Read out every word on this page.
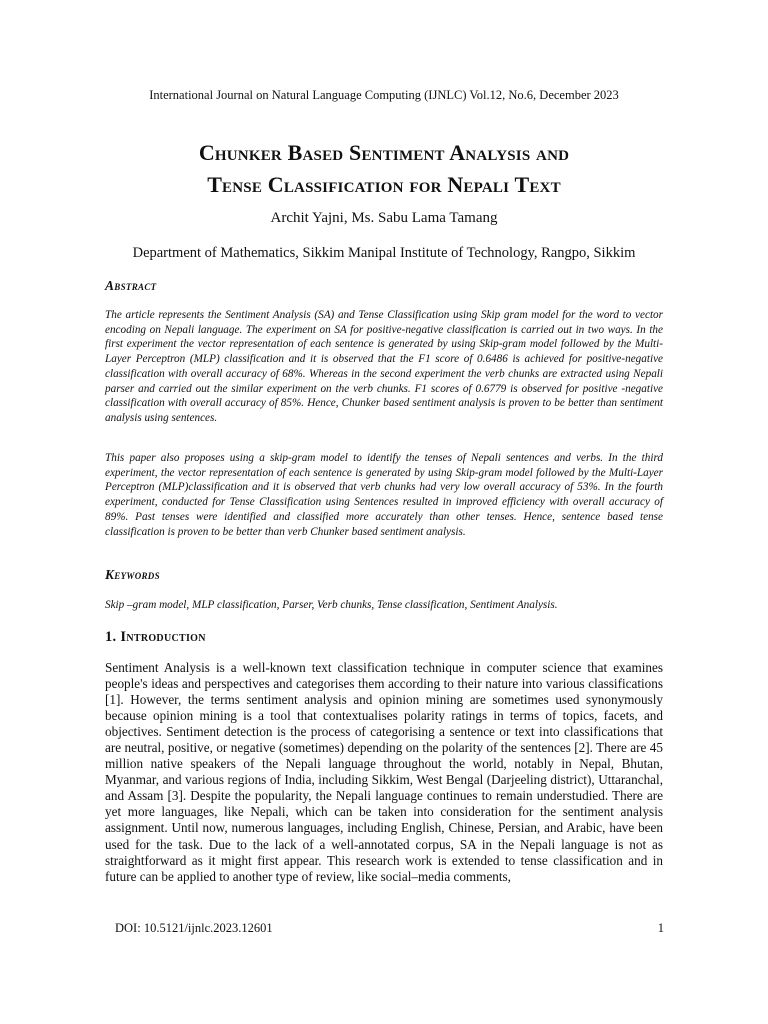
International Journal on Natural Language Computing (IJNLC) Vol.12, No.6, December 2023
Chunker Based Sentiment Analysis and
Tense Classification for Nepali Text
Archit Yajni, Ms. Sabu Lama Tamang
Department of Mathematics, Sikkim Manipal Institute of Technology, Rangpo, Sikkim
Abstract

The article represents the Sentiment Analysis (SA) and Tense Classification using Skip gram model for the word to vector encoding on Nepali language. The experiment on SA for positive-negative classification is carried out in two ways. In the first experiment the vector representation of each sentence is generated by using Skip-gram model followed by the Multi-Layer Perceptron (MLP) classification and it is observed that the F1 score of 0.6486 is achieved for positive-negative classification with overall accuracy of 68%. Whereas in the second experiment the verb chunks are extracted using Nepali parser and carried out the similar experiment on the verb chunks. F1 scores of 0.6779 is observed for positive -negative classification with overall accuracy of 85%. Hence, Chunker based sentiment analysis is proven to be better than sentiment analysis using sentences.

This paper also proposes using a skip-gram model to identify the tenses of Nepali sentences and verbs. In the third experiment, the vector representation of each sentence is generated by using Skip-gram model followed by the Multi-Layer Perceptron (MLP)classification and it is observed that verb chunks had very low overall accuracy of 53%. In the fourth experiment, conducted for Tense Classification using Sentences resulted in improved efficiency with overall accuracy of 89%. Past tenses were identified and classified more accurately than other tenses. Hence, sentence based tense classification is proven to be better than verb Chunker based sentiment analysis.

Keywords

Skip –gram model, MLP classification, Parser, Verb chunks, Tense classification, Sentiment Analysis.

1. Introduction

Sentiment Analysis is a well-known text classification technique in computer science that examines people's ideas and perspectives and categorises them according to their nature into various classifications [1]. However, the terms sentiment analysis and opinion mining are sometimes used synonymously because opinion mining is a tool that contextualises polarity ratings in terms of topics, facets, and objectives. Sentiment detection is the process of categorising a sentence or text into classifications that are neutral, positive, or negative (sometimes) depending on the polarity of the sentences [2]. There are 45 million native speakers of the Nepali language throughout the world, notably in Nepal, Bhutan, Myanmar, and various regions of India, including Sikkim, West Bengal (Darjeeling district), Uttaranchal, and Assam [3]. Despite the popularity, the Nepali language continues to remain understudied. There are yet more languages, like Nepali, which can be taken into consideration for the sentiment analysis assignment. Until now, numerous languages, including English, Chinese, Persian, and Arabic, have been used for the task. Due to the lack of a well-annotated corpus, SA in the Nepali language is not as straightforward as it might first appear. This research work is extended to tense classification and in future can be applied to another type of review, like social–media comments,

DOI: 10.5121/ijnlc.2023.12601	1
